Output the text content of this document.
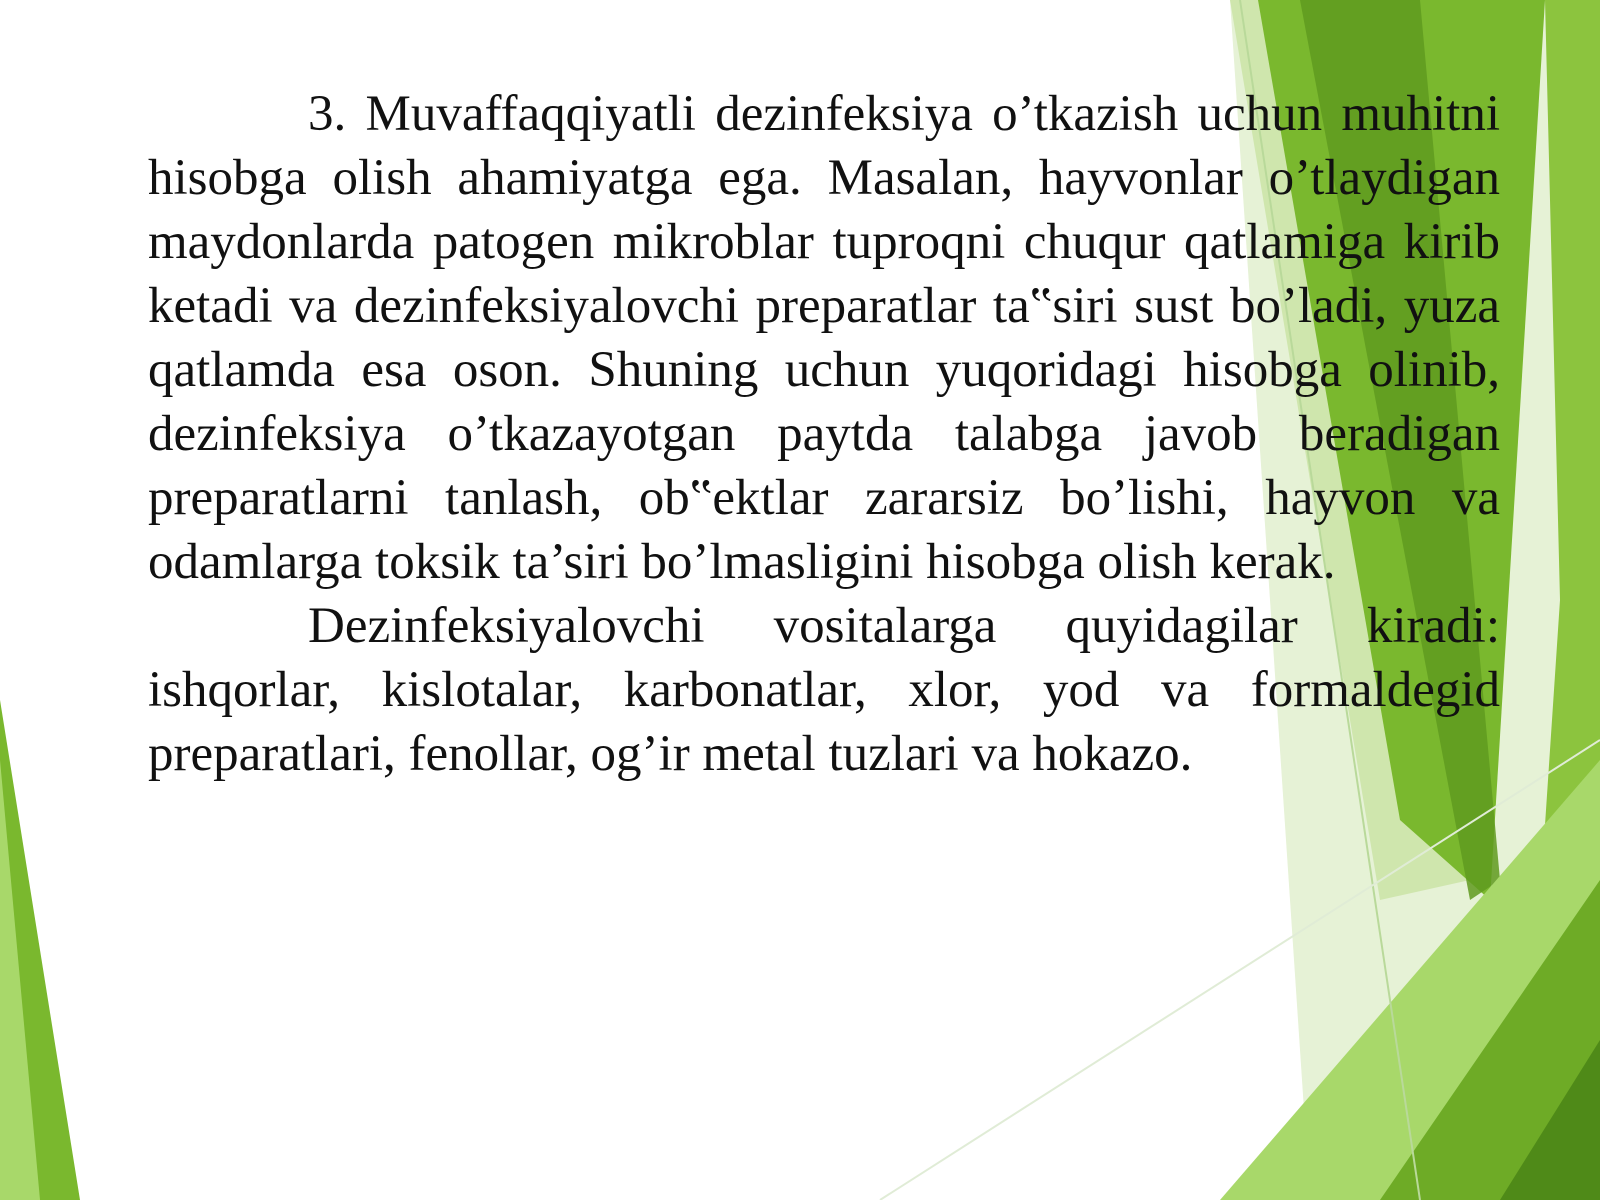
3. Muvaffaqqiyatli dezinfeksiya o’tkazish uchun muhitni hisobga olish ahamiyatga ega. Masalan, hayvonlar o’tlaydigan maydonlarda patogen mikroblar tuproqni chuqur qatlamiga kirib ketadi va dezinfeksiyalovchi preparatlar ta‟siri sust bo’ladi, yuza qatlamda esa oson. Shuning uchun yuqoridagi hisobga olinib, dezinfeksiya o’tkazayotgan paytda talabga javob beradigan preparatlarni tanlash, ob‟ektlar zararsiz bo’lishi, hayvon va odamlarga toksik ta’siri bo’lmasligini hisobga olish kerak.

Dezinfeksiyalovchi vositalarga quyidagilar kiradi: ishqorlar, kislotalar, karbonatlar, xlor, yod va formaldegid preparatlari, fenollar, og’ir metal tuzlari va hokazo.
